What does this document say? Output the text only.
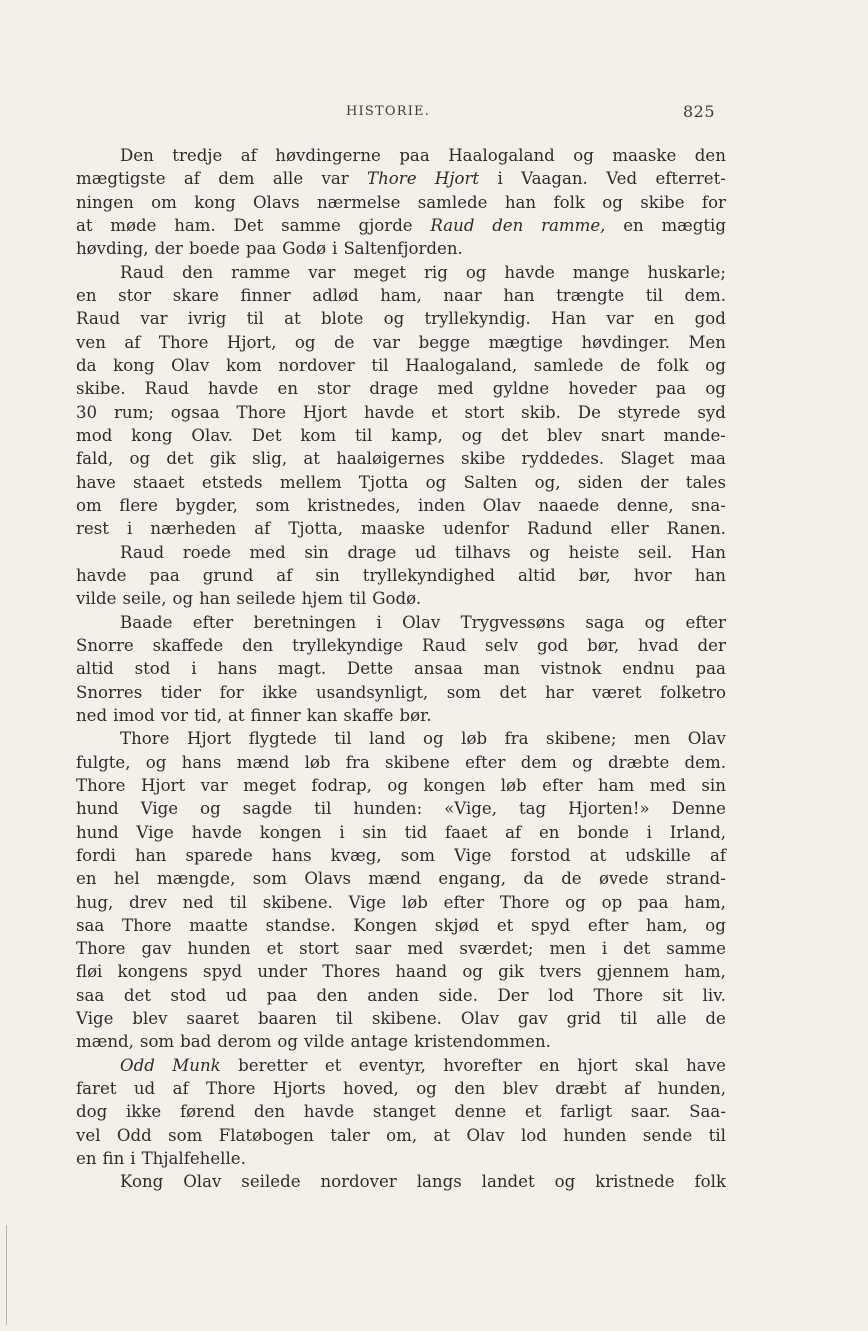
HISTORIE.	825
Den tredje af høvdingerne paa Haalogaland og maaske den
mægtigste af dem alle var Thore Hjort i Vaagan. Ved efterret-
ningen om kong Olavs nærmelse samlede han folk og skibe for
at møde ham. Det samme gjorde Raud den ramme, en mægtig
høvding, der boede paa Godø i Saltenfjorden.
Raud den ramme var meget rig og havde mange huskarle;
en stor skare finner adlød ham, naar han trængte til dem.
Raud var ivrig til at blote og tryllekyndig. Han var en god
ven af Thore Hjort, og de var begge mægtige høvdinger. Men
da kong Olav kom nordover til Haalogaland, samlede de folk og
skibe. Raud havde en stor drage med gyldne hoveder paa og
30 rum; ogsaa Thore Hjort havde et stort skib. De styrede syd
mod kong Olav. Det kom til kamp, og det blev snart mande-
fald, og det gik slig, at haaløigernes skibe ryddedes. Slaget maa
have staaet etsteds mellem Tjotta og Salten og, siden der tales
om flere bygder, som kristnedes, inden Olav naaede denne, sna-
rest i nærheden af Tjotta, maaske udenfor Radund eller Ranen.
Raud roede med sin drage ud tilhavs og heiste seil. Han
havde paa grund af sin tryllekyndighed altid bør, hvor han
vilde seile, og han seilede hjem til Godø.
Baade efter beretningen i Olav Trygvessøns saga og efter
Snorre skaffede den tryllekyndige Raud selv god bør, hvad der
altid stod i hans magt. Dette ansaa man vistnok endnu paa
Snorres tider for ikke usandsynligt, som det har været folketro
ned imod vor tid, at finner kan skaffe bør.
Thore Hjort flygtede til land og løb fra skibene; men Olav
fulgte, og hans mænd løb fra skibene efter dem og dræbte dem.
Thore Hjort var meget fodrap, og kongen løb efter ham med sin
hund Vige og sagde til hunden: «Vige, tag Hjorten!» Denne
hund Vige havde kongen i sin tid faaet af en bonde i Irland,
fordi han sparede hans kvæg, som Vige forstod at udskille af
en hel mængde, som Olavs mænd engang, da de øvede strand-
hug, drev ned til skibene. Vige løb efter Thore og op paa ham,
saa Thore maatte standse. Kongen skjød et spyd efter ham, og
Thore gav hunden et stort saar med sværdet; men i det samme
fløi kongens spyd under Thores haand og gik tvers gjennem ham,
saa det stod ud paa den anden side. Der lod Thore sit liv.
Vige blev saaret baaren til skibene. Olav gav grid til alle de
mænd, som bad derom og vilde antage kristendommen.
Odd Munk beretter et eventyr, hvorefter en hjort skal have
faret ud af Thore Hjorts hoved, og den blev dræbt af hunden,
dog ikke førend den havde stanget denne et farligt saar. Saa-
vel Odd som Flatøbogen taler om, at Olav lod hunden sende til
en fin i Thjalfehelle.
Kong Olav seilede nordover langs landet og kristnede folk
